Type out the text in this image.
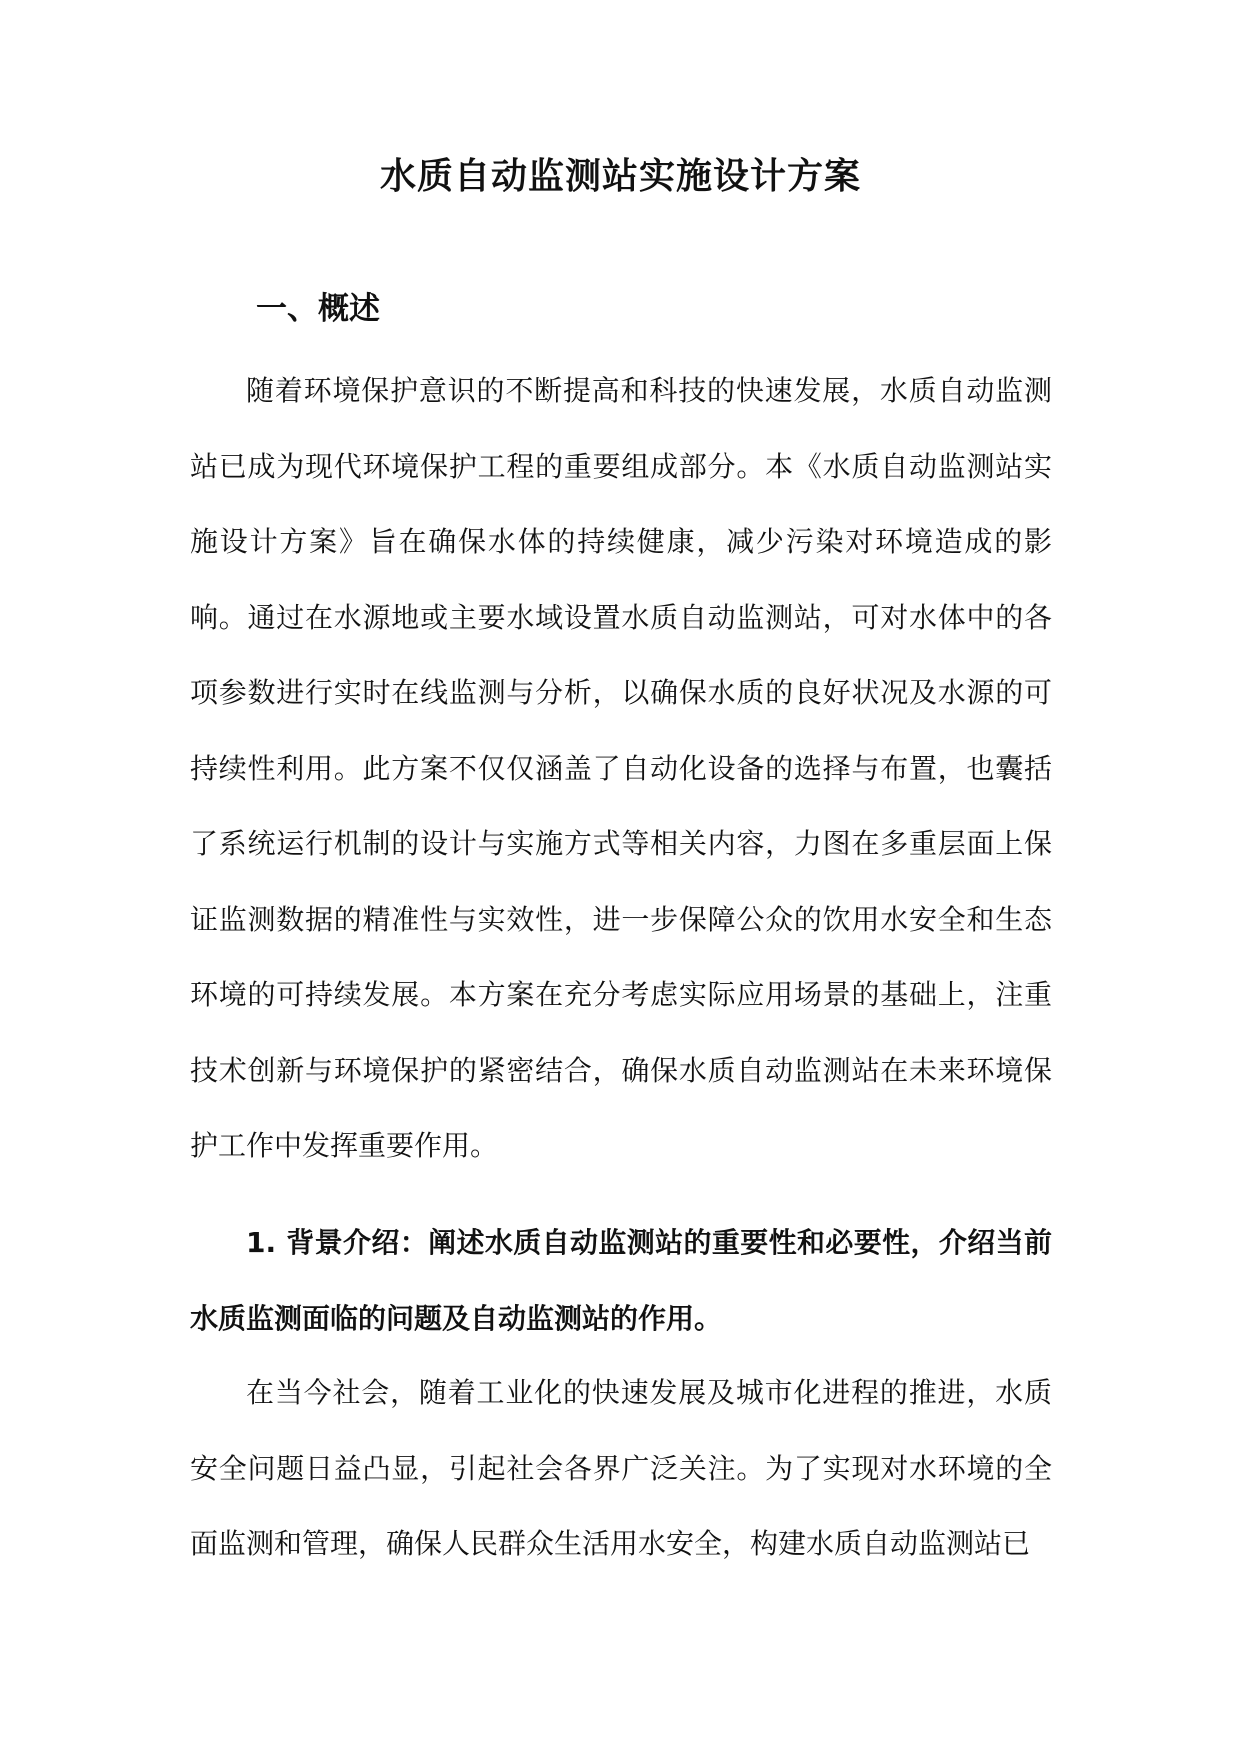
水质自动监测站实施设计方案
一、概述

随着环境保护意识的不断提高和科技的快速发展，水质自动监测站已成为现代环境保护工程的重要组成部分。本《水质自动监测站实施设计方案》旨在确保水体的持续健康，减少污染对环境造成的影响。通过在水源地或主要水域设置水质自动监测站，可对水体中的各项参数进行实时在线监测与分析，以确保水质的良好状况及水源的可持续性利用。此方案不仅仅涵盖了自动化设备的选择与布置，也囊括了系统运行机制的设计与实施方式等相关内容，力图在多重层面上保证监测数据的精准性与实效性，进一步保障公众的饮用水安全和生态环境的可持续发展。本方案在充分考虑实际应用场景的基础上，注重技术创新与环境保护的紧密结合，确保水质自动监测站在未来环境保护工作中发挥重要作用。

1. 背景介绍：阐述水质自动监测站的重要性和必要性，介绍当前水质监测面临的问题及自动监测站的作用。

在当今社会，随着工业化的快速发展及城市化进程的推进，水质安全问题日益凸显，引起社会各界广泛关注。为了实现对水环境的全面监测和管理，确保人民群众生活用水安全，构建水质自动监测站已
